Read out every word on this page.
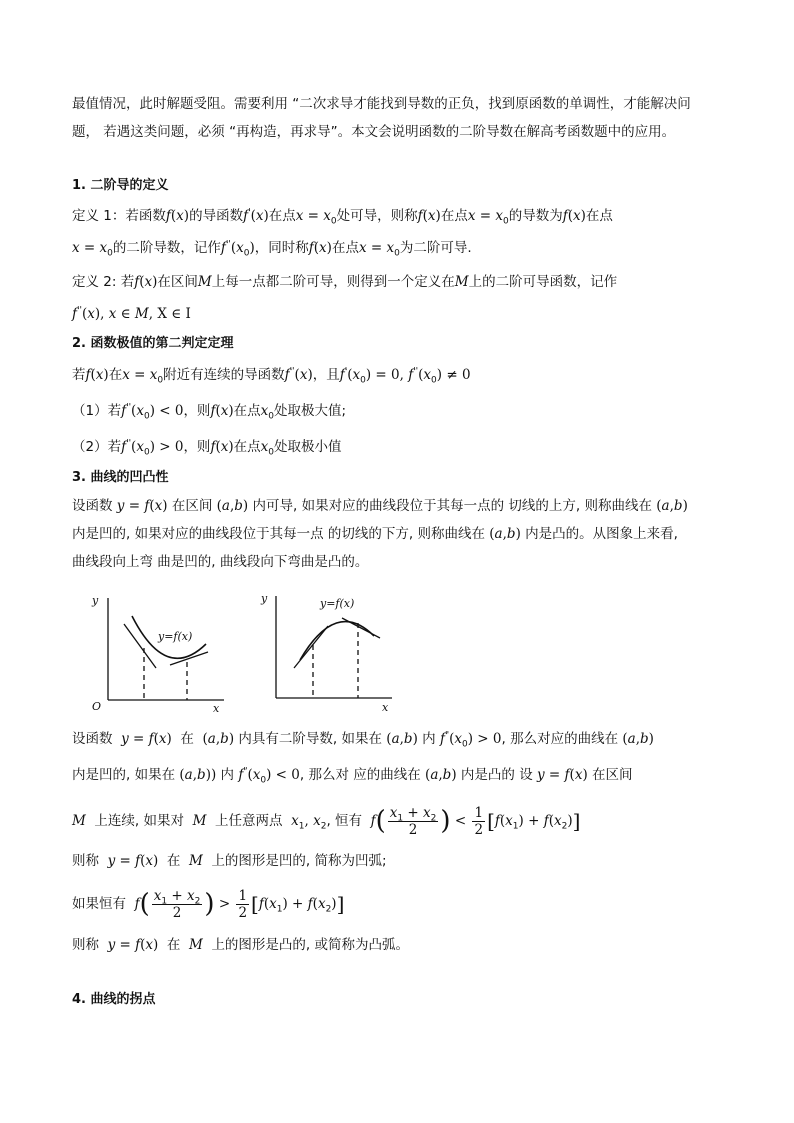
最值情况，此时解题受阻。需要利用 “二次求导才能找到导数的正负，找到原函数的单调性，才能解决问
题， 若遇这类问题，必须 “再构造，再求导”。本文会说明函数的二阶导数在解高考函数题中的应用。
1. 二阶导的定义
定义 1：若函数f(x)的导函数f'(x)在点$x = x_0$处可导，则称f(x)在点$x = x_0$的导数为f(x)在点
$x = x_0$的二阶导数，记作$f''(x_0)$，同时称f(x)在点$x = x_0$为二阶可导.
定义 2: 若f(x)在区间M上每一点都二阶可导，则得到一个定义在M上的二阶可导函数，记作
f''(x), x ∈ M, X ∈ I
2. 函数极值的第二判定定理
若f(x)在$x = x_0$附近有连续的导函数f''(x)，且$f'(x_0) = 0$, $f''(x_0) \ne 0$
（1）若$f''(x_0) < 0$，则f(x)在点$x_0$处取极大值;
（2）若$f''(x_0) > 0$，则f(x)在点$x_0$处取极小值
3. 曲线的凹凸性
设函数 y = f(x) 在区间 (a,b) 内可导, 如果对应的曲线段位于其每一点的 切线的上方, 则称曲线在 (a,b)
内是凹的, 如果对应的曲线段位于其每一点 的切线的下方, 则称曲线在 (a,b) 内是凸的。从图象上来看,
曲线段向上弯 曲是凹的, 曲线段向下弯曲是凸的。
y
x
O
y=f(x)
y
x
y=f(x)
设函数 y = f(x) 在 (a,b) 内具有二阶导数, 如果在 (a,b) 内 $f^"(x_0) > 0$, 那么对应的曲线在 (a,b)
内是凹的, 如果在 (a,b)) 内 $f^"(x_0) < 0$, 那么对 应的曲线在 (a,b) 内是凸的 设 y = f(x) 在区间
M 上连续, 如果对 M 上任意两点 $x_1$, $x_2$, 恒有 $f( \frac{x_1 + x_2}{2}$ ) < $\frac{1}{2} [f(x_1) + f(x_2)]$
则称 y = f(x) 在 M 上的图形是凹的, 简称为凹弧;
如果恒有 $f( \frac{x_1 + x_2}{2}$ ) > $\frac{1}{2} [f(x_1) + f(x_2)]$
则称 y = f(x) 在 M 上的图形是凸的, 或简称为凸弧。
4. 曲线的拐点
